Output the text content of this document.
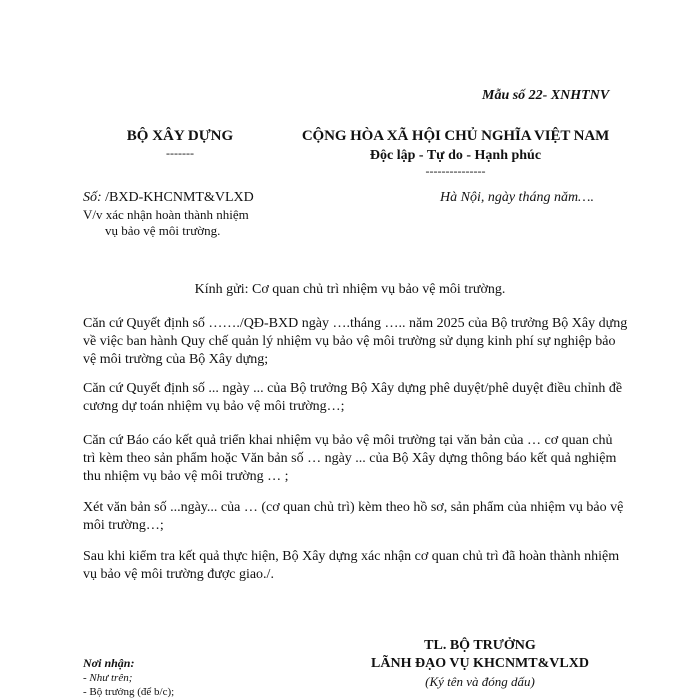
Mẫu số 22- XNHTNV
BỘ XÂY DỰNG
-------
CỘNG HÒA XÃ HỘI CHỦ NGHĨA VIỆT NAM
Độc lập - Tự do - Hạnh phúc
---------------
Số: /BXD-KHCNMT&VLXD
V/v xác nhận hoàn thành nhiệm
vụ bảo vệ môi trường.
Hà Nội, ngày tháng năm….
Kính gửi: Cơ quan chủ trì nhiệm vụ bảo vệ môi trường.
Căn cứ Quyết định số ……./QĐ-BXD ngày ….tháng ….. năm 2025 của Bộ trưởng Bộ Xây dựng về việc ban hành Quy chế quản lý nhiệm vụ bảo vệ môi trường sử dụng kinh phí sự nghiệp bảo vệ môi trường của Bộ Xây dựng;
Căn cứ Quyết định số ... ngày ... của Bộ trưởng Bộ Xây dựng phê duyệt/phê duyệt điều chỉnh đề cương dự toán nhiệm vụ bảo vệ môi trường…;
Căn cứ Báo cáo kết quả triển khai nhiệm vụ bảo vệ môi trường tại văn bản của … cơ quan chủ trì kèm theo sản phẩm hoặc Văn bản số … ngày ... của Bộ Xây dựng thông báo kết quả nghiệm thu nhiệm vụ bảo vệ môi trường … ;
Xét văn bản số ...ngày... của … (cơ quan chủ trì) kèm theo hồ sơ, sản phẩm của nhiệm vụ bảo vệ môi trường…;
Sau khi kiểm tra kết quả thực hiện, Bộ Xây dựng xác nhận cơ quan chủ trì đã hoàn thành nhiệm vụ bảo vệ môi trường được giao./.
TL. BỘ TRƯỞNG
LÃNH ĐẠO VỤ KHCNMT&VLXD
(Ký tên và đóng dấu)
Nơi nhận:
- Như trên;
- Bộ trưởng (để b/c);
